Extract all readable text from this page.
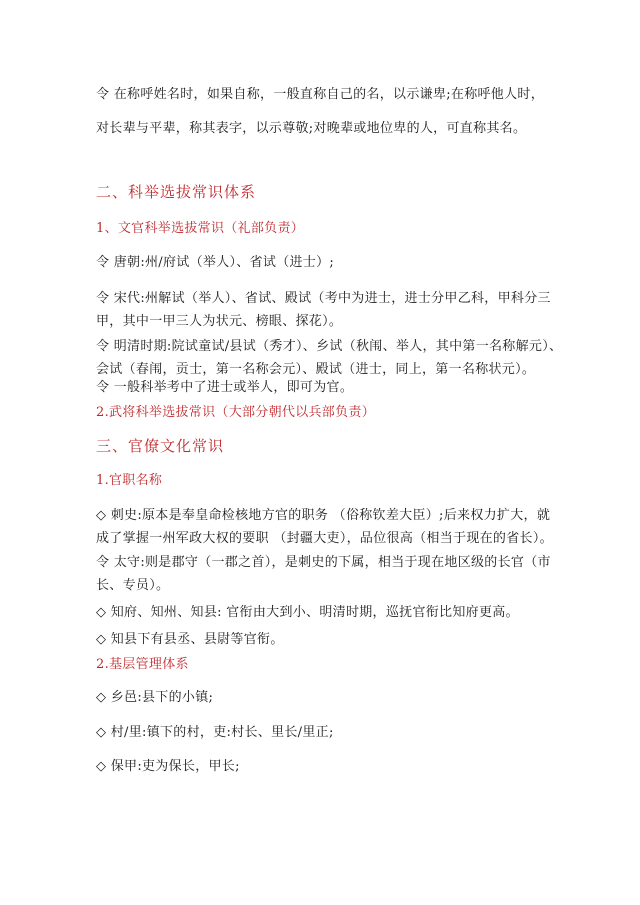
令 在称呼姓名时，如果自称，一般直称自己的名，以示谦卑;在称呼他人时，
对长辈与平辈，称其表字，以示尊敬;对晚辈或地位卑的人，可直称其名。
二、科举选拔常识体系
1、文官科举选拔常识（礼部负责）
令 唐朝:州/府试（举人）、省试（进士）;
令 宋代:州解试（举人）、省试、殿试（考中为进士，进士分甲乙科，甲科分三
甲，其中一甲三人为状元、榜眼、探花）。
令 明清时期:院试童试/县试（秀才）、乡试（秋闱、举人，其中第一名称解元）、
会试（春闱，贡士，第一名称会元）、殿试（进士，同上，第一名称状元）。
令 一般科举考中了进士或举人，即可为官。
2.武将科举选拔常识（大部分朝代以兵部负责）
三、官僚文化常识
1.官职名称
◇ 刺史:原本是奉皇命检核地方官的职务 （俗称钦差大臣）;后来权力扩大，就
成了掌握一州军政大权的要职 （封疆大吏），品位很高（相当于现在的省长）。
令 太守:则是郡守（一郡之首），是刺史的下属，相当于现在地区级的长官（市
长、专员）。
◇ 知府、知州、知县: 官衔由大到小、明清时期，巡抚官衔比知府更高。
◇ 知县下有县丞、县尉等官衔。
2.基层管理体系
◇ 乡邑:县下的小镇;
◇ 村/里:镇下的村，吏:村长、里长/里正;
◇ 保甲:吏为保长，甲长;
